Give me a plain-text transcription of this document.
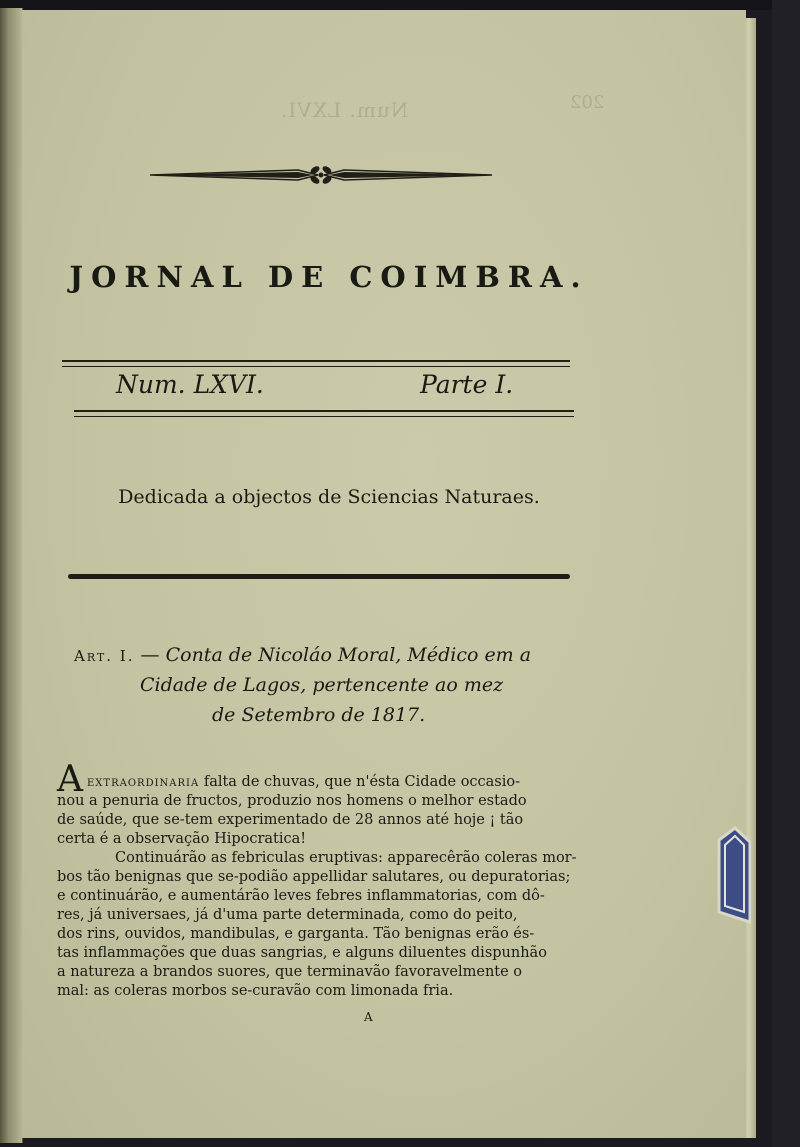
Num. LXVI.	202
JORNAL DE COIMBRA.
Num. LXVI.	Parte I.
Dedicada a objectos de Sciencias Naturaes.
Art. I. — Conta de Nicoláo Moral, Médico em a
Cidade de Lagos, pertencente ao mez
de Setembro de 1817.
A extraordinaria falta de chuvas, que n'ésta Cidade occasio-
nou a penuria de fructos, produzio nos homens o melhor estado
de saúde, que se-tem experimentado de 28 annos até hoje ¡ tão
certa é a observação Hipocratica!
Continuárão as febriculas eruptivas: apparecêrão coleras mor-
bos tão benignas que se-podião appellidar salutares, ou depuratorias;
e continuárão, e aumentárão leves febres inflammatorias, com dô-
res, já universaes, já d'uma parte determinada, como do peito,
dos rins, ouvidos, mandibulas, e garganta. Tão benignas erão és-
tas inflammações que duas sangrias, e alguns diluentes dispunhão
a natureza a brandos suores, que terminavão favoravelmente o
mal: as coleras morbos se-curavão com limonada fria.
A
